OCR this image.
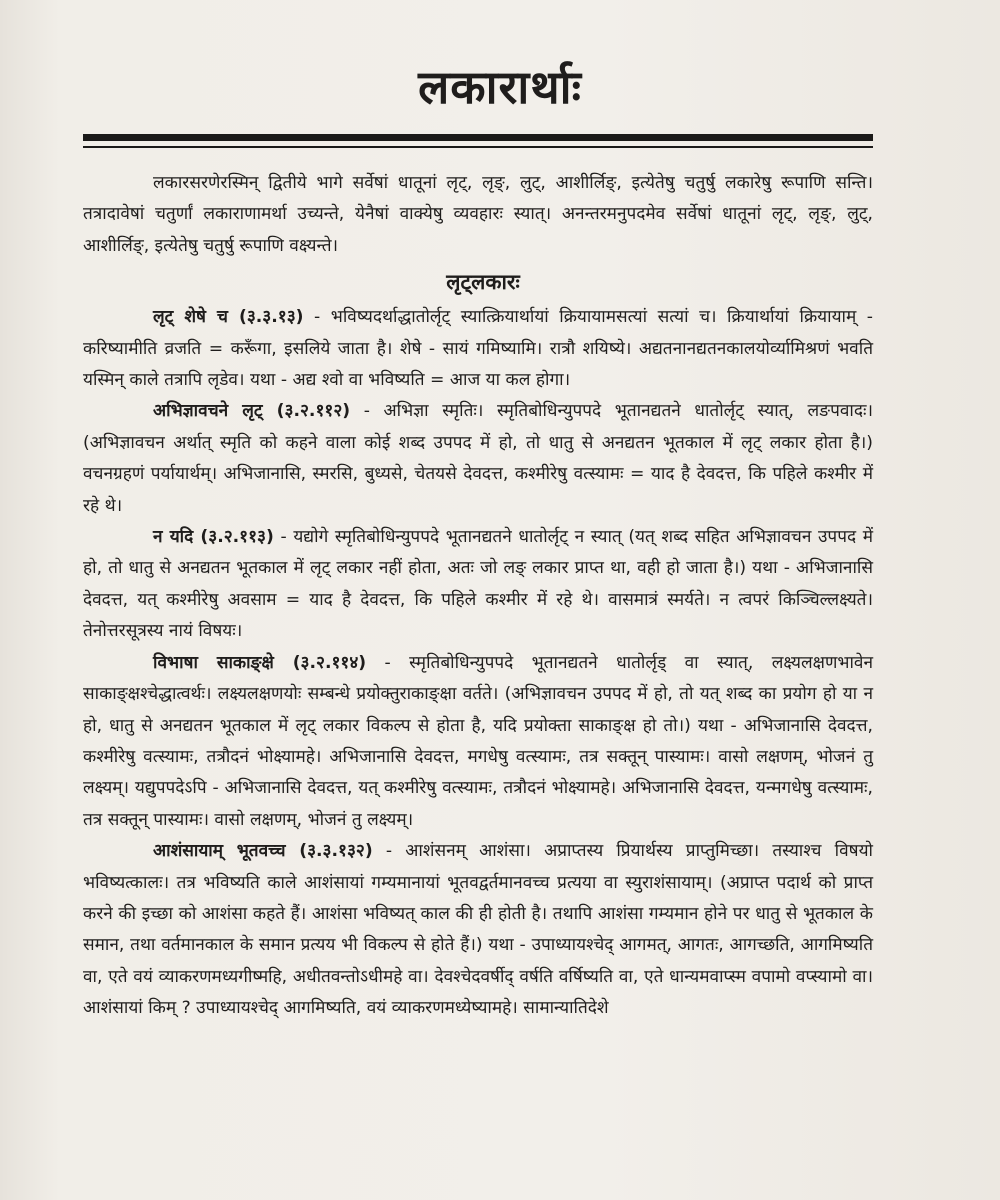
लकारार्थाः

लकारसरणेरस्मिन् द्वितीये भागे सर्वेषां धातूनां लृट्, लृङ्, लुट्, आशीर्लिङ्, इत्येतेषु चतुर्षु लकारेषु रूपाणि सन्ति। तत्रादावेषां चतुर्णां लकाराणामर्था उच्यन्ते, येनैषां वाक्येषु व्यवहारः स्यात्। अनन्तरमनुपदमेव सर्वेषां धातूनां लृट्, लृङ्, लुट्, आशीर्लिङ्, इत्येतेषु चतुर्षु रूपाणि वक्ष्यन्ते।

लृट्लकारः

लृट् शेषे च (३.३.१३) - भविष्यदर्थाद्धातोर्लृट् स्यात्क्रियार्थायां क्रियायामसत्यां सत्यां च। क्रियार्थायां क्रियायाम् - करिष्यामीति व्रजति = करूँगा, इसलिये जाता है। शेषे - सायं गमिष्यामि। रात्रौ शयिष्ये। अद्यतनानद्यतनकालयोर्व्यामिश्रणं भवति यस्मिन् काले तत्रापि लृडेव। यथा - अद्य श्वो वा भविष्यति = आज या कल होगा।

अभिज्ञावचने लृट् (३.२.११२) - अभिज्ञा स्मृतिः। स्मृतिबोधिन्युपपदे भूतानद्यतने धातोर्लृट् स्यात्, लङपवादः। (अभिज्ञावचन अर्थात् स्मृति को कहने वाला कोई शब्द उपपद में हो, तो धातु से अनद्यतन भूतकाल में लृट् लकार होता है।) वचनग्रहणं पर्यायार्थम्। अभिजानासि, स्मरसि, बुध्यसे, चेतयसे देवदत्त, कश्मीरेषु वत्स्यामः = याद है देवदत्त, कि पहिले कश्मीर में रहे थे।

न यदि (३.२.११३) - यद्योगे स्मृतिबोधिन्युपपदे भूतानद्यतने धातोर्लृट् न स्यात् (यत् शब्द सहित अभिज्ञावचन उपपद में हो, तो धातु से अनद्यतन भूतकाल में लृट् लकार नहीं होता, अतः जो लङ् लकार प्राप्त था, वही हो जाता है।) यथा - अभिजानासि देवदत्त, यत् कश्मीरेषु अवसाम = याद है देवदत्त, कि पहिले कश्मीर में रहे थे। वासमात्रं स्मर्यते। न त्वपरं किञ्चिल्लक्ष्यते। तेनोत्तरसूत्रस्य नायं विषयः।

विभाषा साकाङ्क्षे (३.२.११४) - स्मृतिबोधिन्युपपदे भूतानद्यतने धातोर्लृड् वा स्यात्, लक्ष्यलक्षणभावेन साकाङ्क्षश्चेद्धात्वर्थः। लक्ष्यलक्षणयोः सम्बन्धे प्रयोक्तुराकाङ्क्षा वर्तते। (अभिज्ञावचन उपपद में हो, तो यत् शब्द का प्रयोग हो या न हो, धातु से अनद्यतन भूतकाल में लृट् लकार विकल्प से होता है, यदि प्रयोक्ता साकाङ्क्ष हो तो।) यथा - अभिजानासि देवदत्त, कश्मीरेषु वत्स्यामः, तत्रौदनं भोक्ष्यामहे। अभिजानासि देवदत्त, मगधेषु वत्स्यामः, तत्र सक्तून् पास्यामः। वासो लक्षणम्, भोजनं तु लक्ष्यम्। यद्युपपदेऽपि - अभिजानासि देवदत्त, यत् कश्मीरेषु वत्स्यामः, तत्रौदनं भोक्ष्यामहे। अभिजानासि देवदत्त, यन्मगधेषु वत्स्यामः, तत्र सक्तून् पास्यामः। वासो लक्षणम्, भोजनं तु लक्ष्यम्।

आशंसायाम् भूतवच्च (३.३.१३२) - आशंसनम् आशंसा। अप्राप्तस्य प्रियार्थस्य प्राप्तुमिच्छा। तस्याश्च विषयो भविष्यत्कालः। तत्र भविष्यति काले आशंसायां गम्यमानायां भूतवद्वर्तमानवच्च प्रत्यया वा स्युराशंसायाम्। (अप्राप्त पदार्थ को प्राप्त करने की इच्छा को आशंसा कहते हैं। आशंसा भविष्यत् काल की ही होती है। तथापि आशंसा गम्यमान होने पर धातु से भूतकाल के समान, तथा वर्तमानकाल के समान प्रत्यय भी विकल्प से होते हैं।) यथा - उपाध्यायश्चेद् आगमत्, आगतः, आगच्छति, आगमिष्यति वा, एते वयं व्याकरणमध्यगीष्महि, अधीतवन्तोऽधीमहे वा। देवश्चेदवर्षीद् वर्षति वर्षिष्यति वा, एते धान्यमवाप्स्म वपामो वप्स्यामो वा। आशंसायां किम् ? उपाध्यायश्चेद् आगमिष्यति, वयं व्याकरणमध्येष्यामहे। सामान्यातिदेशे
